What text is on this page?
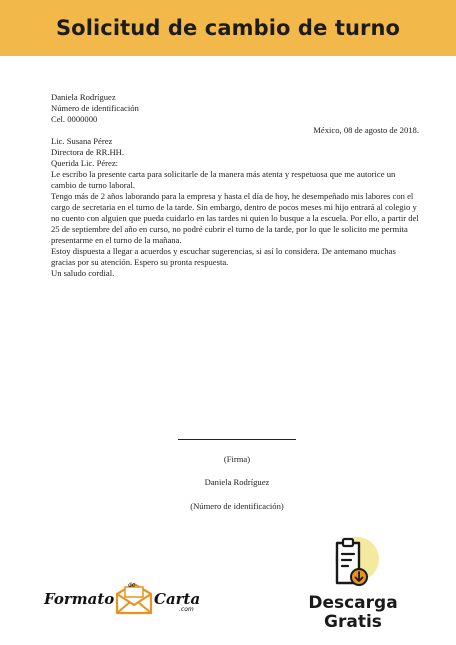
Solicitud de cambio de turno

Daniela Rodríguez

Número de identificación

Cel. 0000000

México, 08 de agosto de 2018.

Lic. Susana Pérez

Directora de RR.HH.

Querida Lic. Pérez:

Le escribo la presente carta para solicitarle de la manera más atenta y respetuosa que me autorice un cambio de turno laboral.

Tengo más de 2 años laborando para la empresa y hasta el día de hoy, he desempeñado mis labores con el cargo de secretaria en el turno de la tarde. Sin embargo, dentro de pocos meses mi hijo entrará al colegio y no cuento con alguien que pueda cuidarlo en las tardes ni quien lo busque a la escuela. Por ello, a partir del 25 de septiembre del año en curso, no podré cubrir el turno de la tarde, por lo que le solicito me permita presentarme en el turno de la mañana.

Estoy dispuesta a llegar a acuerdos y escuchar sugerencias, si así lo considera. De antemano muchas gracias por su atención. Espero su pronta respuesta.

Un saludo cordial.

(Firma)
Daniela Rodríguez
(Número de identificación)
Formato
de
Carta
.com	Descarga
Gratis
